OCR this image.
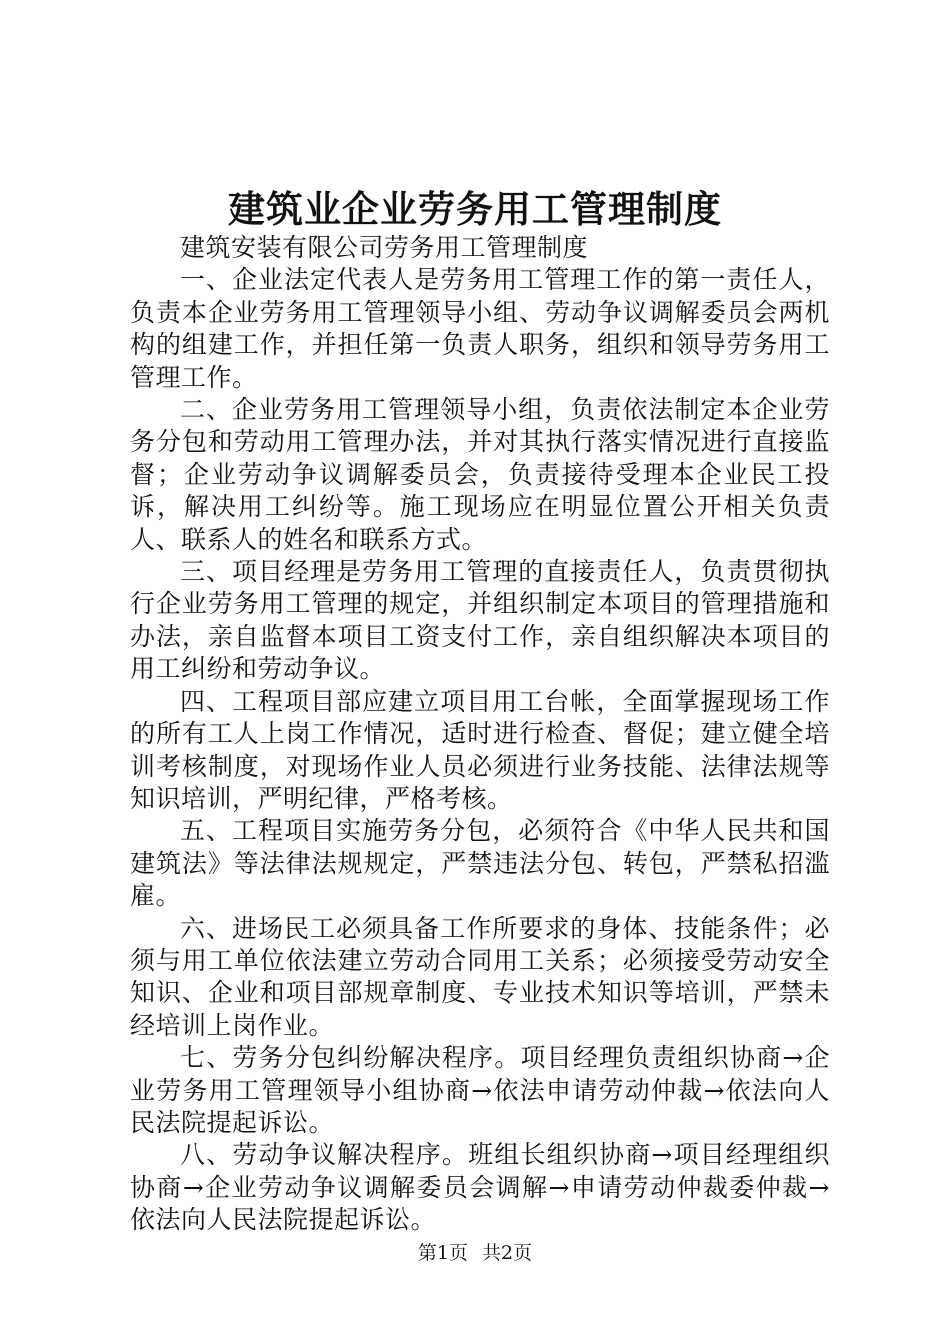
建筑业企业劳务用工管理制度

建筑安装有限公司劳务用工管理制度

一、企业法定代表人是劳务用工管理工作的第一责任人，负责本企业劳务用工管理领导小组、劳动争议调解委员会两机构的组建工作，并担任第一负责人职务，组织和领导劳务用工管理工作。

二、企业劳务用工管理领导小组，负责依法制定本企业劳务分包和劳动用工管理办法，并对其执行落实情况进行直接监督；企业劳动争议调解委员会，负责接待受理本企业民工投诉，解决用工纠纷等。施工现场应在明显位置公开相关负责人、联系人的姓名和联系方式。

三、项目经理是劳务用工管理的直接责任人，负责贯彻执行企业劳务用工管理的规定，并组织制定本项目的管理措施和办法，亲自监督本项目工资支付工作，亲自组织解决本项目的用工纠纷和劳动争议。

四、工程项目部应建立项目用工台帐，全面掌握现场工作的所有工人上岗工作情况，适时进行检查、督促；建立健全培训考核制度，对现场作业人员必须进行业务技能、法律法规等知识培训，严明纪律，严格考核。

五、工程项目实施劳务分包，必须符合《中华人民共和国建筑法》等法律法规规定，严禁违法分包、转包，严禁私招滥雇。

六、进场民工必须具备工作所要求的身体、技能条件；必须与用工单位依法建立劳动合同用工关系；必须接受劳动安全知识、企业和项目部规章制度、专业技术知识等培训，严禁未经培训上岗作业。

七、劳务分包纠纷解决程序。项目经理负责组织协商→企业劳务用工管理领导小组协商→依法申请劳动仲裁→依法向人民法院提起诉讼。

八、劳动争议解决程序。班组长组织协商→项目经理组织协商→企业劳动争议调解委员会调解→申请劳动仲裁委仲裁→依法向人民法院提起诉讼。

第1页 共2页
